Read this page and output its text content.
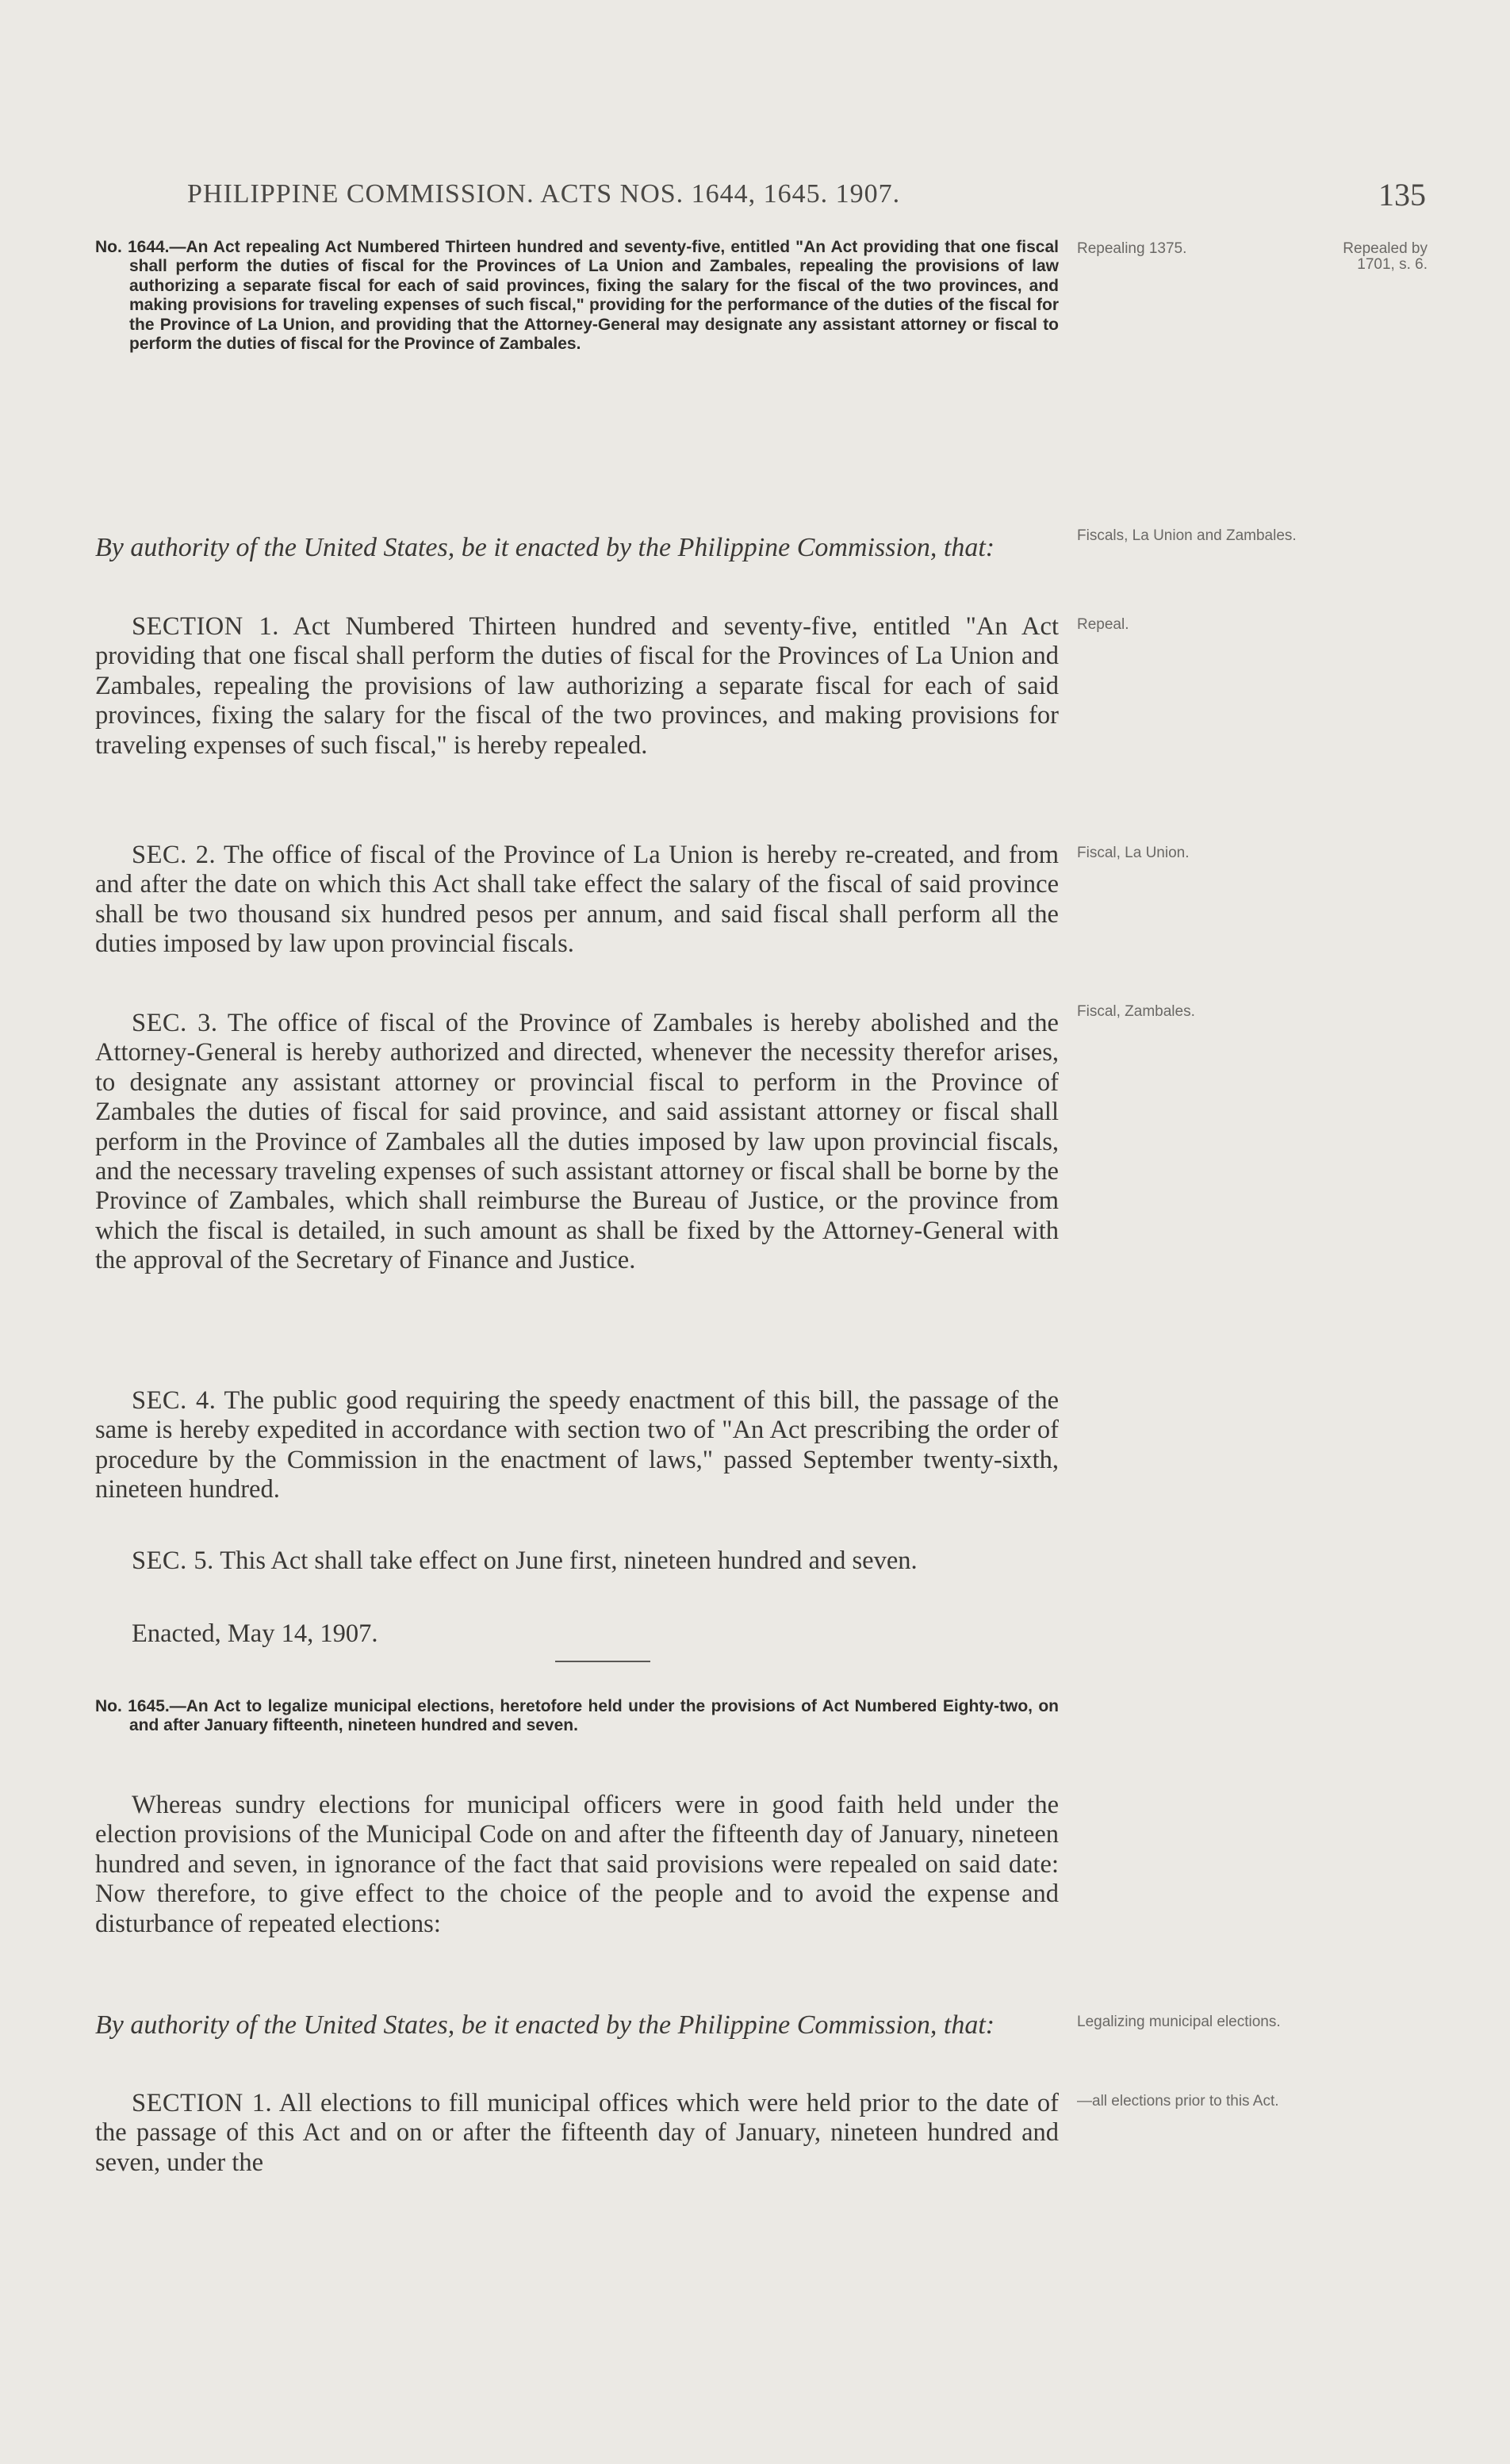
PHILIPPINE COMMISSION. ACTS NOS. 1644, 1645. 1907.	135
No. 1644.—An Act repealing Act Numbered Thirteen hundred and seventy-five, entitled "An Act providing that one fiscal shall perform the duties of fiscal for the Provinces of La Union and Zambales, repealing the provisions of law authorizing a separate fiscal for each of said provinces, fixing the salary for the fiscal of the two provinces, and making provisions for traveling expenses of such fiscal," providing for the performance of the duties of the fiscal for the Province of La Union, and providing that the Attorney-General may designate any assistant attorney or fiscal to perform the duties of fiscal for the Province of Zambales.
By authority of the United States, be it enacted by the Philippine Commission, that:

SECTION 1. Act Numbered Thirteen hundred and seventy-five, entitled "An Act providing that one fiscal shall perform the duties of fiscal for the Provinces of La Union and Zambales, repealing the provisions of law authorizing a separate fiscal for each of said provinces, fixing the salary for the fiscal of the two provinces, and making provisions for traveling expenses of such fiscal," is hereby repealed.

SEC. 2. The office of fiscal of the Province of La Union is hereby re-created, and from and after the date on which this Act shall take effect the salary of the fiscal of said province shall be two thousand six hundred pesos per annum, and said fiscal shall perform all the duties imposed by law upon provincial fiscals.

SEC. 3. The office of fiscal of the Province of Zambales is hereby abolished and the Attorney-General is hereby authorized and directed, whenever the necessity therefor arises, to designate any assistant attorney or provincial fiscal to perform in the Province of Zambales the duties of fiscal for said province, and said assistant attorney or fiscal shall perform in the Province of Zambales all the duties imposed by law upon provincial fiscals, and the necessary traveling expenses of such assistant attorney or fiscal shall be borne by the Province of Zambales, which shall reimburse the Bureau of Justice, or the province from which the fiscal is detailed, in such amount as shall be fixed by the Attorney-General with the approval of the Secretary of Finance and Justice.

SEC. 4. The public good requiring the speedy enactment of this bill, the passage of the same is hereby expedited in accordance with section two of "An Act prescribing the order of procedure by the Commission in the enactment of laws," passed September twenty-sixth, nineteen hundred.

SEC. 5. This Act shall take effect on June first, nineteen hundred and seven.

Enacted, May 14, 1907.
No. 1645.—An Act to legalize municipal elections, heretofore held under the provisions of Act Numbered Eighty-two, on and after January fifteenth, nineteen hundred and seven.

Whereas sundry elections for municipal officers were in good faith held under the election provisions of the Municipal Code on and after the fifteenth day of January, nineteen hundred and seven, in ignorance of the fact that said provisions were repealed on said date: Now therefore, to give effect to the choice of the people and to avoid the expense and disturbance of repeated elections:

By authority of the United States, be it enacted by the Philippine Commission, that:

SECTION 1. All elections to fill municipal offices which were held prior to the date of the passage of this Act and on or after the fifteenth day of January, nineteen hundred and seven, under the

Repealing 1375.	Repealed by 1701, s. 6.
Fiscals, La Union and Zambales.
Repeal.
Fiscal, La Union.
Fiscal, Zambales.
Legalizing municipal elections.
—all elections prior to this Act.
